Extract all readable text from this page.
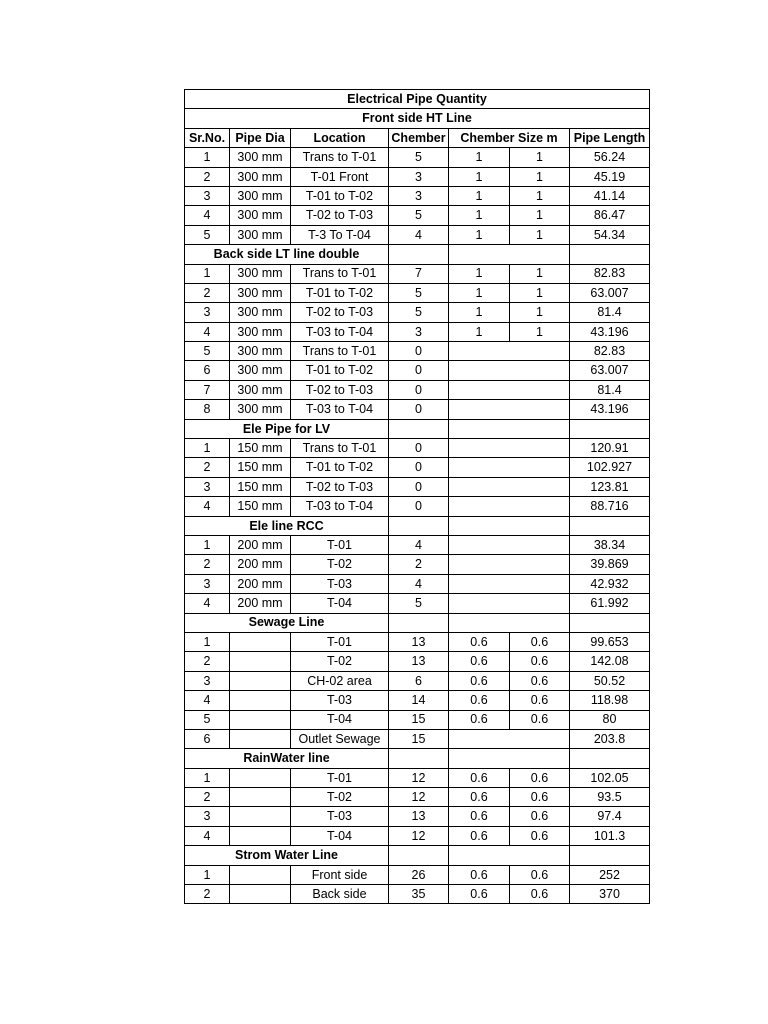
Electrical Pipe Quantity						
Front side HT Line						
Sr.No.	Pipe Dia	Location	Chember	Chember Size m		Pipe Length
1	300 mm	Trans to T-01	5	1	1	56.24
2	300 mm	T-01 Front	3	1	1	45.19
3	300 mm	T-01 to T-02	3	1	1	41.14
4	300 mm	T-02 to T-03	5	1	1	86.47
5	300 mm	T-3 To T-04	4	1	1	54.34
Back side LT line double						
1	300 mm	Trans to T-01	7	1	1	82.83
2	300 mm	T-01 to T-02	5	1	1	63.007
3	300 mm	T-02 to T-03	5	1	1	81.4
4	300 mm	T-03 to T-04	3	1	1	43.196
5	300 mm	Trans to T-01	0			82.83
6	300 mm	T-01 to T-02	0			63.007
7	300 mm	T-02 to T-03	0			81.4
8	300 mm	T-03 to T-04	0			43.196
Ele Pipe for LV						
1	150 mm	Trans to T-01	0			120.91
2	150 mm	T-01 to T-02	0			102.927
3	150 mm	T-02 to T-03	0			123.81
4	150 mm	T-03 to T-04	0			88.716
Ele line RCC						
1	200 mm	T-01	4			38.34
2	200 mm	T-02	2			39.869
3	200 mm	T-03	4			42.932
4	200 mm	T-04	5			61.992
Sewage Line						
1		T-01	13	0.6	0.6	99.653
2		T-02	13	0.6	0.6	142.08
3		CH-02 area	6	0.6	0.6	50.52
4		T-03	14	0.6	0.6	118.98
5		T-04	15	0.6	0.6	80
6		Outlet Sewage	15			203.8
RainWater line						
1		T-01	12	0.6	0.6	102.05
2		T-02	12	0.6	0.6	93.5
3		T-03	13	0.6	0.6	97.4
4		T-04	12	0.6	0.6	101.3
Strom Water Line						
1		Front side	26	0.6	0.6	252
2		Back side	35	0.6	0.6	370
